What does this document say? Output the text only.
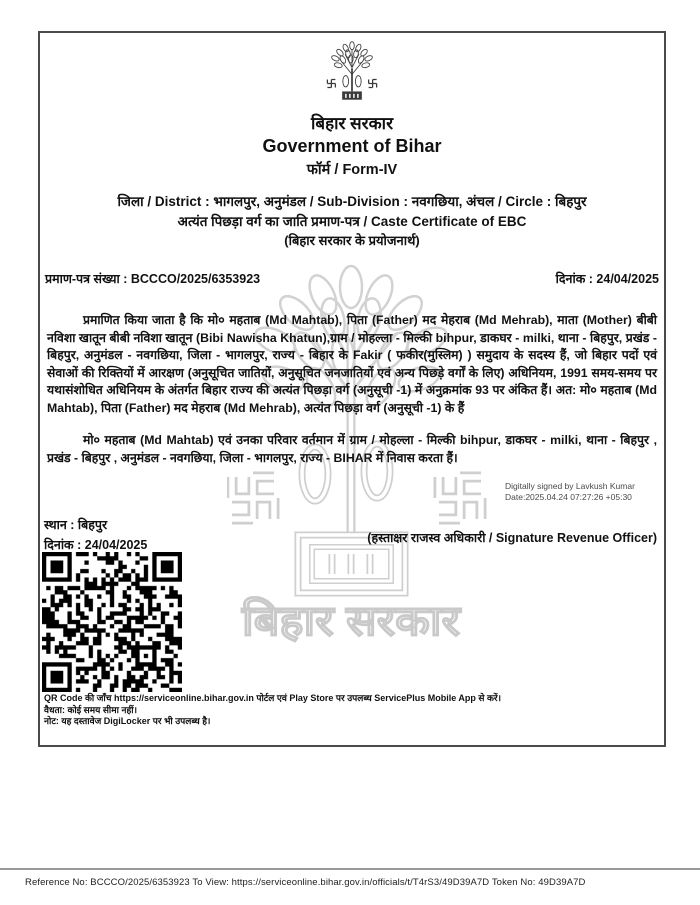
बिहार सरकार
बिहार सरकार
Government of Bihar
फॉर्म / Form-IV
जिला / District : भागलपुर, अनुमंडल / Sub-Division : नवगछिया, अंचल / Circle : बिहपुर
अत्यंत पिछड़ा वर्ग का जाति प्रमाण-पत्र / Caste Certificate of EBC
(बिहार सरकार के प्रयोजनार्थ)
प्रमाण-पत्र संख्या : BCCCO/2025/6353923	दिनांक : 24/04/2025

प्रमाणित किया जाता है कि मो० महताब (Md Mahtab), पिता (Father) मद मेहराब (Md Mehrab), माता (Mother) बीबी नविशा खातून बीबी नविशा खातून (Bibi Nawisha Khatun),ग्राम / मोहल्ला - मिल्की bihpur, डाकघर - milki, थाना - बिहपुर, प्रखंड - बिहपुर, अनुमंडल - नवगछिया, जिला - भागलपुर, राज्य - बिहार के Fakir ( फकीर(मुस्लिम) ) समुदाय के सदस्य हैं, जो बिहार पदों एवं सेवाओं की रिक्तियों में आरक्षण (अनुसूचित जातियों, अनुसूचित जनजातियों एवं अन्य पिछड़े वर्गों के लिए) अधिनियम, 1991 समय-समय पर यथासंशोधित अधिनियम के अंतर्गत बिहार राज्य की अत्यंत पिछड़ा वर्ग (अनुसूची -1) में अनुक्रमांक 93 पर अंकित हैं। अत: मो० महताब (Md Mahtab), पिता (Father) मद मेहराब (Md Mehrab), अत्यंत पिछड़ा वर्ग (अनुसूची -1) के हैं

मो० महताब (Md Mahtab) एवं उनका परिवार वर्तमान में ग्राम / मोहल्ला - मिल्की bihpur, डाकघर - milki, थाना - बिहपुर , प्रखंड - बिहपुर , अनुमंडल - नवगछिया, जिला - भागलपुर, राज्य - BIHAR में निवास करता हैं।

Digitally signed by Lavkush Kumar
Date:2025.04.24 07:27:26 +05:30
स्थान : बिहपुर
दिनांक : 24/04/2025	(हस्ताक्षर राजस्व अधिकारी / Signature Revenue Officer)
QR Code की जाँच https://serviceonline.bihar.gov.in पोर्टल एवं Play Store पर उपलब्ध ServicePlus Mobile App से करें।
वैधता: कोई समय सीमा नहीं।
नोट: यह दस्तावेज DigiLocker पर भी उपलब्ध है।
Reference No: BCCCO/2025/6353923 To View: https://serviceonline.bihar.gov.in/officials/t/T4rS3/49D39A7D Token No: 49D39A7D
